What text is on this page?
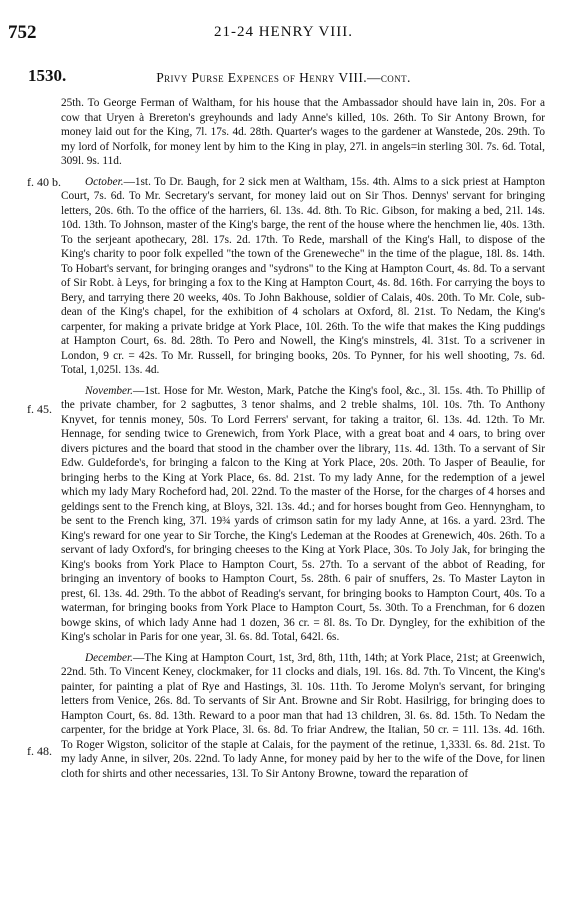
752	21-24 HENRY VIII.
1530.	Privy Purse Expences of Henry VIII.—cont.
f. 40 b.
f. 45.
f. 48.

25th. To George Ferman of Waltham, for his house that the Ambassador should have lain in, 20s. For a cow that Uryen à Brereton's greyhounds and lady Anne's killed, 10s. 26th. To Sir Antony Brown, for money laid out for the King, 7l. 17s. 4d. 28th. Quarter's wages to the gardener at Wanstede, 20s. 29th. To my lord of Norfolk, for money lent by him to the King in play, 27l. in angels=in sterling 30l. 7s. 6d. Total, 309l. 9s. 11d.

October.—1st. To Dr. Baugh, for 2 sick men at Waltham, 15s. 4th. Alms to a sick priest at Hampton Court, 7s. 6d. To Mr. Secretary's servant, for money laid out on Sir Thos. Dennys' servant for bringing letters, 20s. 6th. To the office of the harriers, 6l. 13s. 4d. 8th. To Ric. Gibson, for making a bed, 21l. 14s. 10d. 13th. To Johnson, master of the King's barge, the rent of the house where the henchmen lie, 40s. 13th. To the serjeant apothecary, 28l. 17s. 2d. 17th. To Rede, marshall of the King's Hall, to dispose of the King's charity to poor folk expelled "the town of the Greneweche" in the time of the plague, 18l. 8s. 14th. To Hobart's servant, for bringing oranges and "sydrons" to the King at Hampton Court, 4s. 8d. To a servant of Sir Robt. à Leys, for bringing a fox to the King at Hampton Court, 4s. 8d. 16th. For carrying the boys to Bery, and tarrying there 20 weeks, 40s. To John Bakhouse, soldier of Calais, 40s. 20th. To Mr. Cole, sub-dean of the King's chapel, for the exhibition of 4 scholars at Oxford, 8l. 21st. To Nedam, the King's carpenter, for making a private bridge at York Place, 10l. 26th. To the wife that makes the King puddings at Hampton Court, 6s. 8d. 28th. To Pero and Nowell, the King's minstrels, 4l. 31st. To a scrivener in London, 9 cr. = 42s. To Mr. Russell, for bringing books, 20s. To Pynner, for his well shooting, 7s. 6d. Total, 1,025l. 13s. 4d.

November.—1st. Hose for Mr. Weston, Mark, Patche the King's fool, &c., 3l. 15s. 4th. To Phillip of the private chamber, for 2 sagbuttes, 3 tenor shalms, and 2 treble shalms, 10l. 10s. 7th. To Anthony Knyvet, for tennis money, 50s. To Lord Ferrers' servant, for taking a traitor, 6l. 13s. 4d. 12th. To Mr. Hennage, for sending twice to Grenewich, from York Place, with a great boat and 4 oars, to bring over divers pictures and the board that stood in the chamber over the library, 11s. 4d. 13th. To a servant of Sir Edw. Guldeforde's, for bringing a falcon to the King at York Place, 20s. 20th. To Jasper of Beaulie, for bringing herbs to the King at York Place, 6s. 8d. 21st. To my lady Anne, for the redemption of a jewel which my lady Mary Rocheford had, 20l. 22nd. To the master of the Horse, for the charges of 4 horses and geldings sent to the French king, at Bloys, 32l. 13s. 4d.; and for horses bought from Geo. Hennyngham, to be sent to the French king, 37l. 19¾ yards of crimson satin for my lady Anne, at 16s. a yard. 23rd. The King's reward for one year to Sir Torche, the King's Ledeman at the Roodes at Grenewich, 40s. 26th. To a servant of lady Oxford's, for bringing cheeses to the King at York Place, 30s. To Joly Jak, for bringing the King's books from York Place to Hampton Court, 5s. 27th. To a servant of the abbot of Reading, for bringing an inventory of books to Hampton Court, 5s. 28th. 6 pair of snuffers, 2s. To Master Layton in prest, 6l. 13s. 4d. 29th. To the abbot of Reading's servant, for bringing books to Hampton Court, 40s. To a waterman, for bringing books from York Place to Hampton Court, 5s. 30th. To a Frenchman, for 6 dozen bowge skins, of which lady Anne had 1 dozen, 36 cr. = 8l. 8s. To Dr. Dyngley, for the exhibition of the King's scholar in Paris for one year, 3l. 6s. 8d. Total, 642l. 6s.

December.—The King at Hampton Court, 1st, 3rd, 8th, 11th, 14th; at York Place, 21st; at Greenwich, 22nd. 5th. To Vincent Keney, clockmaker, for 11 clocks and dials, 19l. 16s. 8d. 7th. To Vincent, the King's painter, for painting a plat of Rye and Hastings, 3l. 10s. 11th. To Jerome Molyn's servant, for bringing letters from Venice, 26s. 8d. To servants of Sir Ant. Browne and Sir Robt. Hasilrigg, for bringing does to Hampton Court, 6s. 8d. 13th. Reward to a poor man that had 13 children, 3l. 6s. 8d. 15th. To Nedam the carpenter, for the bridge at York Place, 3l. 6s. 8d. To friar Andrew, the Italian, 50 cr. = 11l. 13s. 4d. 16th. To Roger Wigston, solicitor of the staple at Calais, for the payment of the retinue, 1,333l. 6s. 8d. 21st. To my lady Anne, in silver, 20s. 22nd. To lady Anne, for money paid by her to the wife of the Dove, for linen cloth for shirts and other necessaries, 13l. To Sir Antony Browne, toward the reparation of
